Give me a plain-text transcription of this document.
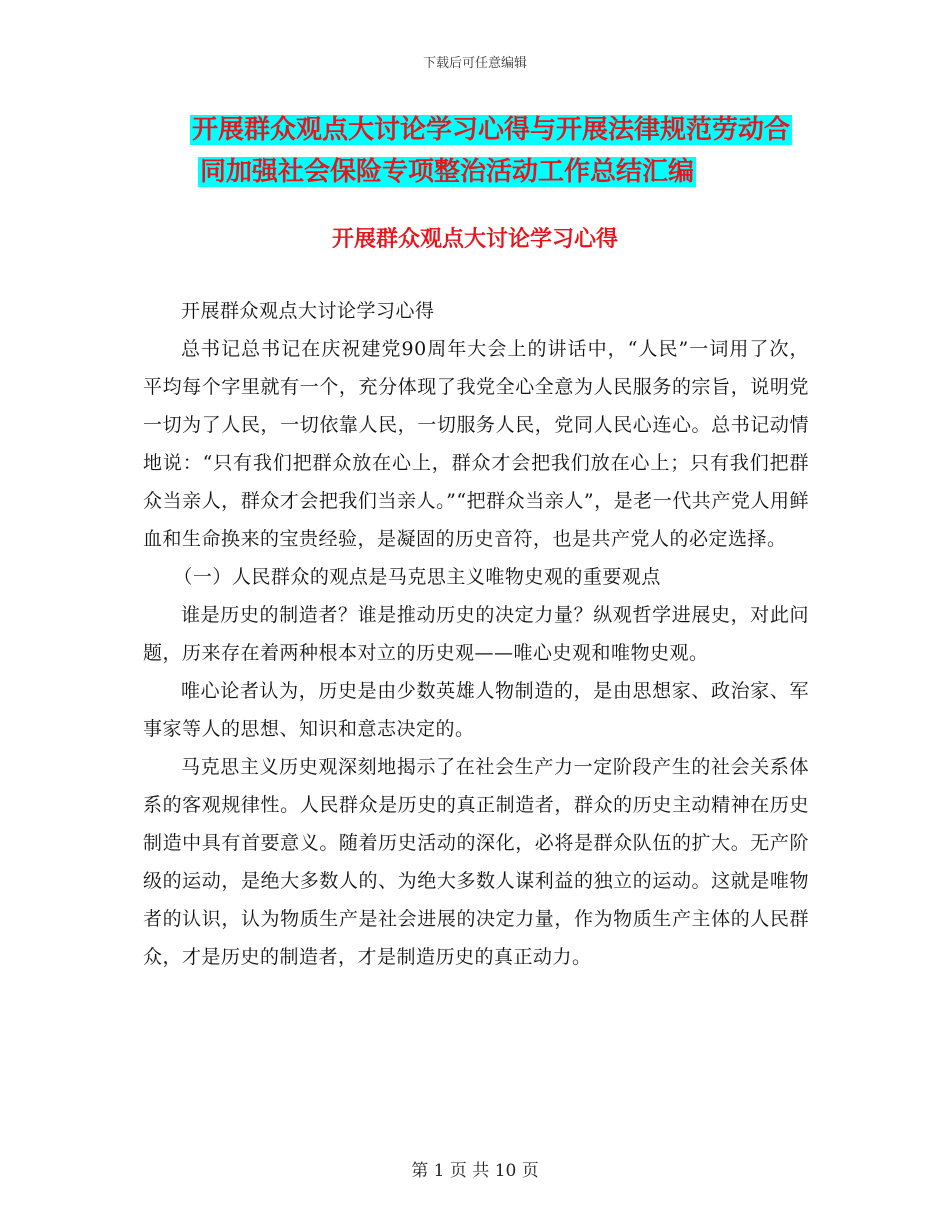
下载后可任意编辑
开展群众观点大讨论学习心得与开展法律规范劳动合
同加强社会保险专项整治活动工作总结汇编
开展群众观点大讨论学习心得

开展群众观点大讨论学习心得

总书记总书记在庆祝建党90周年大会上的讲话中，“人民”一词用了次，平均每个字里就有一个，充分体现了我党全心全意为人民服务的宗旨，说明党一切为了人民，一切依靠人民，一切服务人民，党同人民心连心。总书记动情地说：“只有我们把群众放在心上，群众才会把我们放在心上；只有我们把群众当亲人，群众才会把我们当亲人。”“把群众当亲人”，是老一代共产党人用鲜血和生命换来的宝贵经验，是凝固的历史音符，也是共产党人的必定选择。

（一）人民群众的观点是马克思主义唯物史观的重要观点

谁是历史的制造者？谁是推动历史的决定力量？纵观哲学进展史，对此问题，历来存在着两种根本对立的历史观——唯心史观和唯物史观。

唯心论者认为，历史是由少数英雄人物制造的，是由思想家、政治家、军事家等人的思想、知识和意志决定的。

马克思主义历史观深刻地揭示了在社会生产力一定阶段产生的社会关系体系的客观规律性。人民群众是历史的真正制造者，群众的历史主动精神在历史制造中具有首要意义。随着历史活动的深化，必将是群众队伍的扩大。无产阶级的运动，是绝大多数人的、为绝大多数人谋利益的独立的运动。这就是唯物者的认识，认为物质生产是社会进展的决定力量，作为物质生产主体的人民群众，才是历史的制造者，才是制造历史的真正动力。

第 1 页 共 10 页
